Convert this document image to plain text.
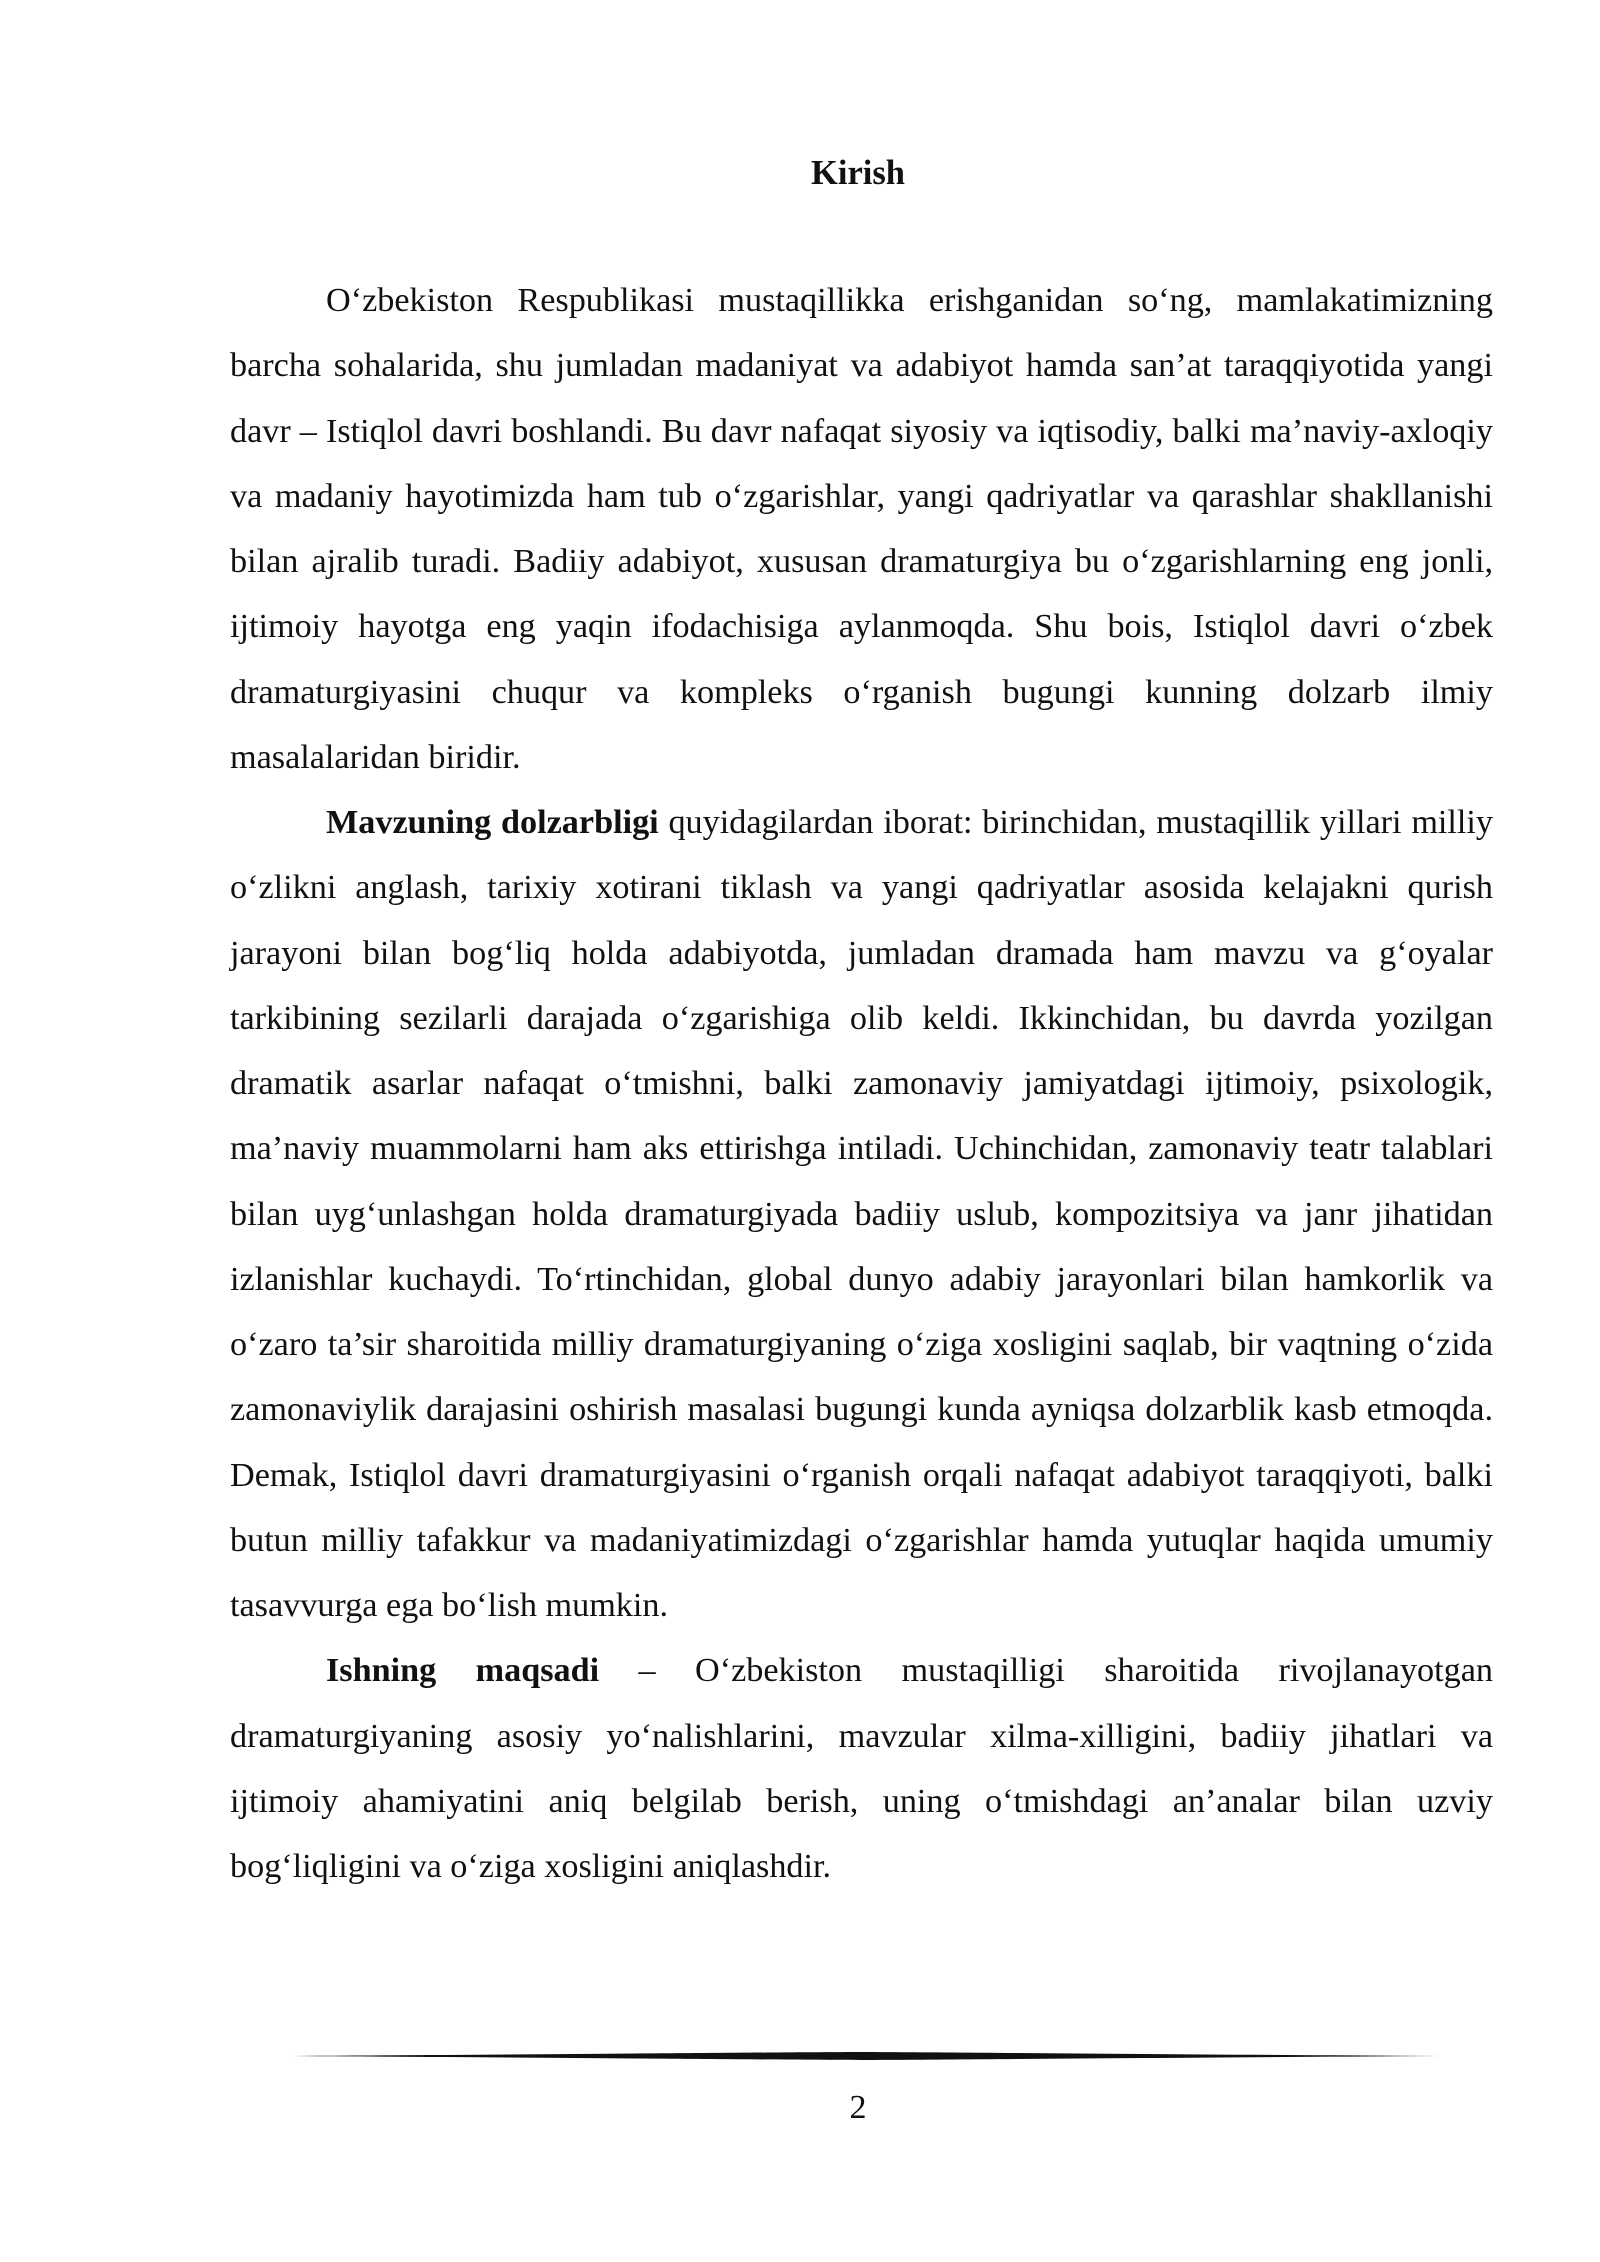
Kirish

O‘zbekiston Respublikasi mustaqillikka erishganidan so‘ng, mamlakatimizning barcha sohalarida, shu jumladan madaniyat va adabiyot hamda san’at taraqqiyotida yangi davr – Istiqlol davri boshlandi. Bu davr nafaqat siyosiy va iqtisodiy, balki ma’naviy-axloqiy va madaniy hayotimizda ham tub o‘zgarishlar, yangi qadriyatlar va qarashlar shakllanishi bilan ajralib turadi. Badiiy adabiyot, xususan dramaturgiya bu o‘zgarishlarning eng jonli, ijtimoiy hayotga eng yaqin ifodachisiga aylanmoqda. Shu bois, Istiqlol davri o‘zbek dramaturgiyasini chuqur va kompleks o‘rganish bugungi kunning dolzarb ilmiy masalalaridan biridir.

Mavzuning dolzarbligi quyidagilardan iborat: birinchidan, mustaqillik yillari milliy o‘zlikni anglash, tarixiy xotirani tiklash va yangi qadriyatlar asosida kelajakni qurish jarayoni bilan bog‘liq holda adabiyotda, jumladan dramada ham mavzu va g‘oyalar tarkibining sezilarli darajada o‘zgarishiga olib keldi. Ikkinchidan, bu davrda yozilgan dramatik asarlar nafaqat o‘tmishni, balki zamonaviy jamiyatdagi ijtimoiy, psixologik, ma’naviy muammolarni ham aks ettirishga intiladi. Uchinchidan, zamonaviy teatr talablari bilan uyg‘unlashgan holda dramaturgiyada badiiy uslub, kompozitsiya va janr jihatidan izlanishlar kuchaydi. To‘rtinchidan, global dunyo adabiy jarayonlari bilan hamkorlik va o‘zaro ta’sir sharoitida milliy dramaturgiyaning o‘ziga xosligini saqlab, bir vaqtning o‘zida zamonaviylik darajasini oshirish masalasi bugungi kunda ayniqsa dolzarblik kasb etmoqda. Demak, Istiqlol davri dramaturgiyasini o‘rganish orqali nafaqat adabiyot taraqqiyoti, balki butun milliy tafakkur va madaniyatimizdagi o‘zgarishlar hamda yutuqlar haqida umumiy tasavvurga ega bo‘lish mumkin.

Ishning maqsadi – O‘zbekiston mustaqilligi sharoitida rivojlanayotgan dramaturgiyaning asosiy yo‘nalishlarini, mavzular xilma-xilligini, badiiy jihatlari va ijtimoiy ahamiyatini aniq belgilab berish, uning o‘tmishdagi an’analar bilan uzviy bog‘liqligini va o‘ziga xosligini aniqlashdir.

2
